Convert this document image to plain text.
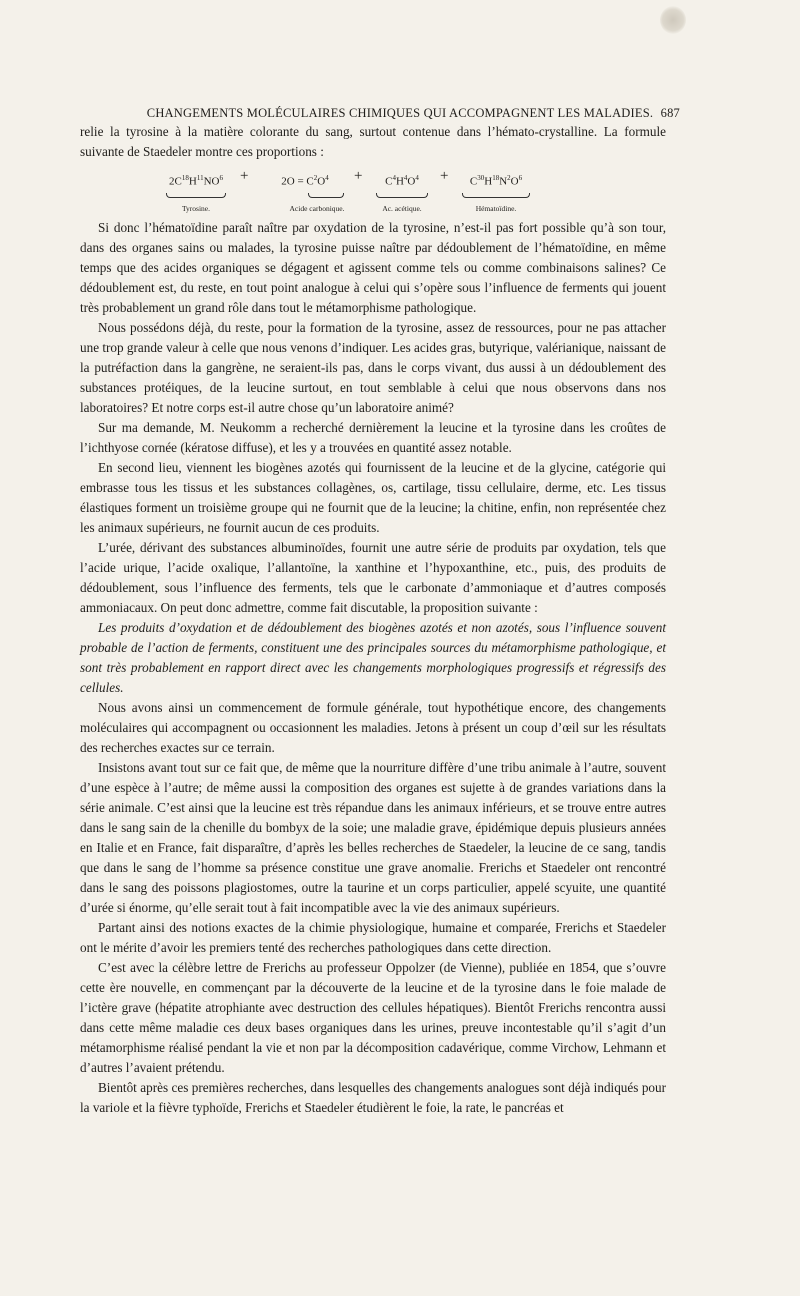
CHANGEMENTS MOLÉCULAIRES CHIMIQUES QUI ACCOMPAGNENT LES MALADIES. 687

relie la tyrosine à la matière colorante du sang, surtout contenue dans l’hémato-crystalline. La formule suivante de Staedeler montre ces proportions :

$2C^{18}H^{11}NO^6$
Tyrosine.
+	$2O = C^2O^4$
Acide carbonique.
+	$C^4H^4O^4$
Ac. acétique.
+	$C^{30}H^{18}N^2O^6$
Hématoïdine.

Si donc l’hématoïdine paraît naître par oxydation de la tyrosine, n’est-il pas fort possible qu’à son tour, dans des organes sains ou malades, la tyrosine puisse naître par dédoublement de l’hématoïdine, en même temps que des acides organiques se dégagent et agissent comme tels ou comme combinaisons salines? Ce dédoublement est, du reste, en tout point analogue à celui qui s’opère sous l’influence de ferments qui jouent très probablement un grand rôle dans tout le métamorphisme pathologique.

Nous possédons déjà, du reste, pour la formation de la tyrosine, assez de ressources, pour ne pas attacher une trop grande valeur à celle que nous venons d’indiquer. Les acides gras, butyrique, valérianique, naissant de la putréfaction dans la gangrène, ne seraient-ils pas, dans le corps vivant, dus aussi à un dédoublement des substances protéiques, de la leucine surtout, en tout semblable à celui que nous observons dans nos laboratoires? Et notre corps est-il autre chose qu’un laboratoire animé?

Sur ma demande, M. Neukomm a recherché dernièrement la leucine et la tyrosine dans les croûtes de l’ichthyose cornée (kératose diffuse), et les y a trouvées en quantité assez notable.

En second lieu, viennent les biogènes azotés qui fournissent de la leucine et de la glycine, catégorie qui embrasse tous les tissus et les substances collagènes, os, cartilage, tissu cellulaire, derme, etc. Les tissus élastiques forment un troisième groupe qui ne fournit que de la leucine; la chitine, enfin, non représentée chez les animaux supérieurs, ne fournit aucun de ces produits.

L’urée, dérivant des substances albuminoïdes, fournit une autre série de produits par oxydation, tels que l’acide urique, l’acide oxalique, l’allantoïne, la xanthine et l’hypoxanthine, etc., puis, des produits de dédoublement, sous l’influence des ferments, tels que le carbonate d’ammoniaque et d’autres composés ammoniacaux. On peut donc admettre, comme fait discutable, la proposition suivante :

Les produits d’oxydation et de dédoublement des biogènes azotés et non azotés, sous l’influence souvent probable de l’action de ferments, constituent une des principales sources du métamorphisme pathologique, et sont très probablement en rapport direct avec les changements morphologiques progressifs et régressifs des cellules.

Nous avons ainsi un commencement de formule générale, tout hypothétique encore, des changements moléculaires qui accompagnent ou occasionnent les maladies. Jetons à présent un coup d’œil sur les résultats des recherches exactes sur ce terrain.

Insistons avant tout sur ce fait que, de même que la nourriture diffère d’une tribu animale à l’autre, souvent d’une espèce à l’autre; de même aussi la composition des organes est sujette à de grandes variations dans la série animale. C’est ainsi que la leucine est très répandue dans les animaux inférieurs, et se trouve entre autres dans le sang sain de la chenille du bombyx de la soie; une maladie grave, épidémique depuis plusieurs années en Italie et en France, fait disparaître, d’après les belles recherches de Staedeler, la leucine de ce sang, tandis que dans le sang de l’homme sa présence constitue une grave anomalie. Frerichs et Staedeler ont rencontré dans le sang des poissons plagiostomes, outre la taurine et un corps particulier, appelé scyuite, une quantité d’urée si énorme, qu’elle serait tout à fait incompatible avec la vie des animaux supérieurs.

Partant ainsi des notions exactes de la chimie physiologique, humaine et comparée, Frerichs et Staedeler ont le mérite d’avoir les premiers tenté des recherches pathologiques dans cette direction.

C’est avec la célèbre lettre de Frerichs au professeur Oppolzer (de Vienne), publiée en 1854, que s’ouvre cette ère nouvelle, en commençant par la découverte de la leucine et de la tyrosine dans le foie malade de l’ictère grave (hépatite atrophiante avec destruction des cellules hépatiques). Bientôt Frerichs rencontra aussi dans cette même maladie ces deux bases organiques dans les urines, preuve incontestable qu’il s’agit d’un métamorphisme réalisé pendant la vie et non par la décomposition cadavérique, comme Virchow, Lehmann et d’autres l’avaient prétendu.

Bientôt après ces premières recherches, dans lesquelles des changements analogues sont déjà indiqués pour la variole et la fièvre typhoïde, Frerichs et Staedeler étudièrent le foie, la rate, le pancréas et
